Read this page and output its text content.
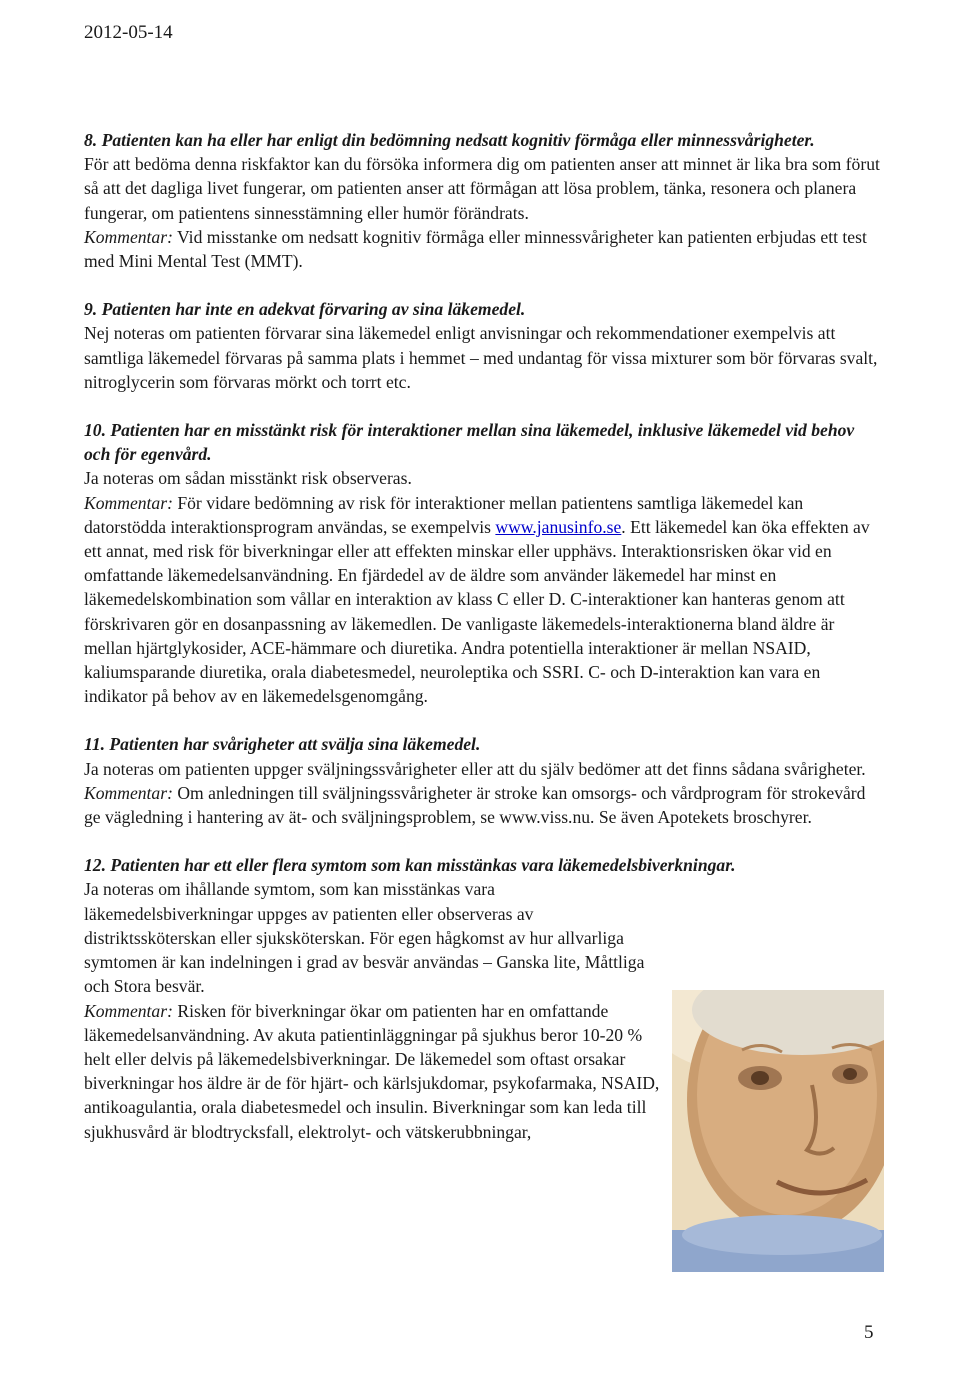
2012-05-14

8. Patienten kan ha eller har enligt din bedömning nedsatt kognitiv förmåga eller minnessvårigheter.

För att bedöma denna riskfaktor kan du försöka informera dig om patienten anser att minnet är lika bra som förut så att det dagliga livet fungerar, om patienten anser att förmågan att lösa problem, tänka, resonera och planera fungerar, om patientens sinnesstämning eller humör förändrats.

Kommentar: Vid misstanke om nedsatt kognitiv förmåga eller minnessvårigheter kan patienten erbjudas ett test med Mini Mental Test (MMT).

9. Patienten har inte en adekvat förvaring av sina läkemedel.

Nej noteras om patienten förvarar sina läkemedel enligt anvisningar och rekommendationer exempelvis att samtliga läkemedel förvaras på samma plats i hemmet – med undantag för vissa mixturer som bör förvaras svalt, nitroglycerin som förvaras mörkt och torrt etc.

10. Patienten har en misstänkt risk för interaktioner mellan sina läkemedel, inklusive läkemedel vid behov och för egenvård.

Ja noteras om sådan misstänkt risk observeras.

Kommentar: För vidare bedömning av risk för interaktioner mellan patientens samtliga läkemedel kan datorstödda interaktionsprogram användas, se exempelvis www.janusinfo.se. Ett läkemedel kan öka effekten av ett annat, med risk för biverkningar eller att effekten minskar eller upphävs. Interaktionsrisken ökar vid en omfattande läkemedelsanvändning. En fjärdedel av de äldre som använder läkemedel har minst en läkemedelskombination som vållar en interaktion av klass C eller D. C-interaktioner kan hanteras genom att förskrivaren gör en dosanpassning av läkemedlen. De vanligaste läkemedels-interaktionerna bland äldre är mellan hjärtglykosider, ACE-hämmare och diuretika. Andra potentiella interaktioner är mellan NSAID, kaliumsparande diuretika, orala diabetesmedel, neuroleptika och SSRI. C- och D-interaktion kan vara en indikator på behov av en läkemedelsgenomgång.

11. Patienten har svårigheter att svälja sina läkemedel.

Ja noteras om patienten uppger sväljningssvårigheter eller att du själv bedömer att det finns sådana svårigheter.

Kommentar: Om anledningen till sväljningssvårigheter är stroke kan omsorgs- och vårdprogram för strokevård ge vägledning i hantering av ät- och sväljningsproblem, se www.viss.nu. Se även Apotekets broschyrer.

12. Patienten har ett eller flera symtom som kan misstänkas vara läkemedelsbiverkningar.

Ja noteras om ihållande symtom, som kan misstänkas vara läkemedelsbiverkningar uppges av patienten eller observeras av distriktssköterskan eller sjuksköterskan. För egen hågkomst av hur allvarliga symtomen är kan indelningen i grad av besvär användas – Ganska lite, Måttliga och Stora besvär.

Kommentar: Risken för biverkningar ökar om patienten har en omfattande läkemedelsanvändning. Av akuta patientinläggningar på sjukhus beror 10-20 % helt eller delvis på läkemedelsbiverkningar. De läkemedel som oftast orsakar biverkningar hos äldre är de för hjärt- och kärlsjukdomar, psykofarmaka, NSAID, antikoagulantia, orala diabetesmedel och insulin. Biverkningar som kan leda till sjukhusvård är blodtrycksfall, elektrolyt- och vätskerubbningar,

5
